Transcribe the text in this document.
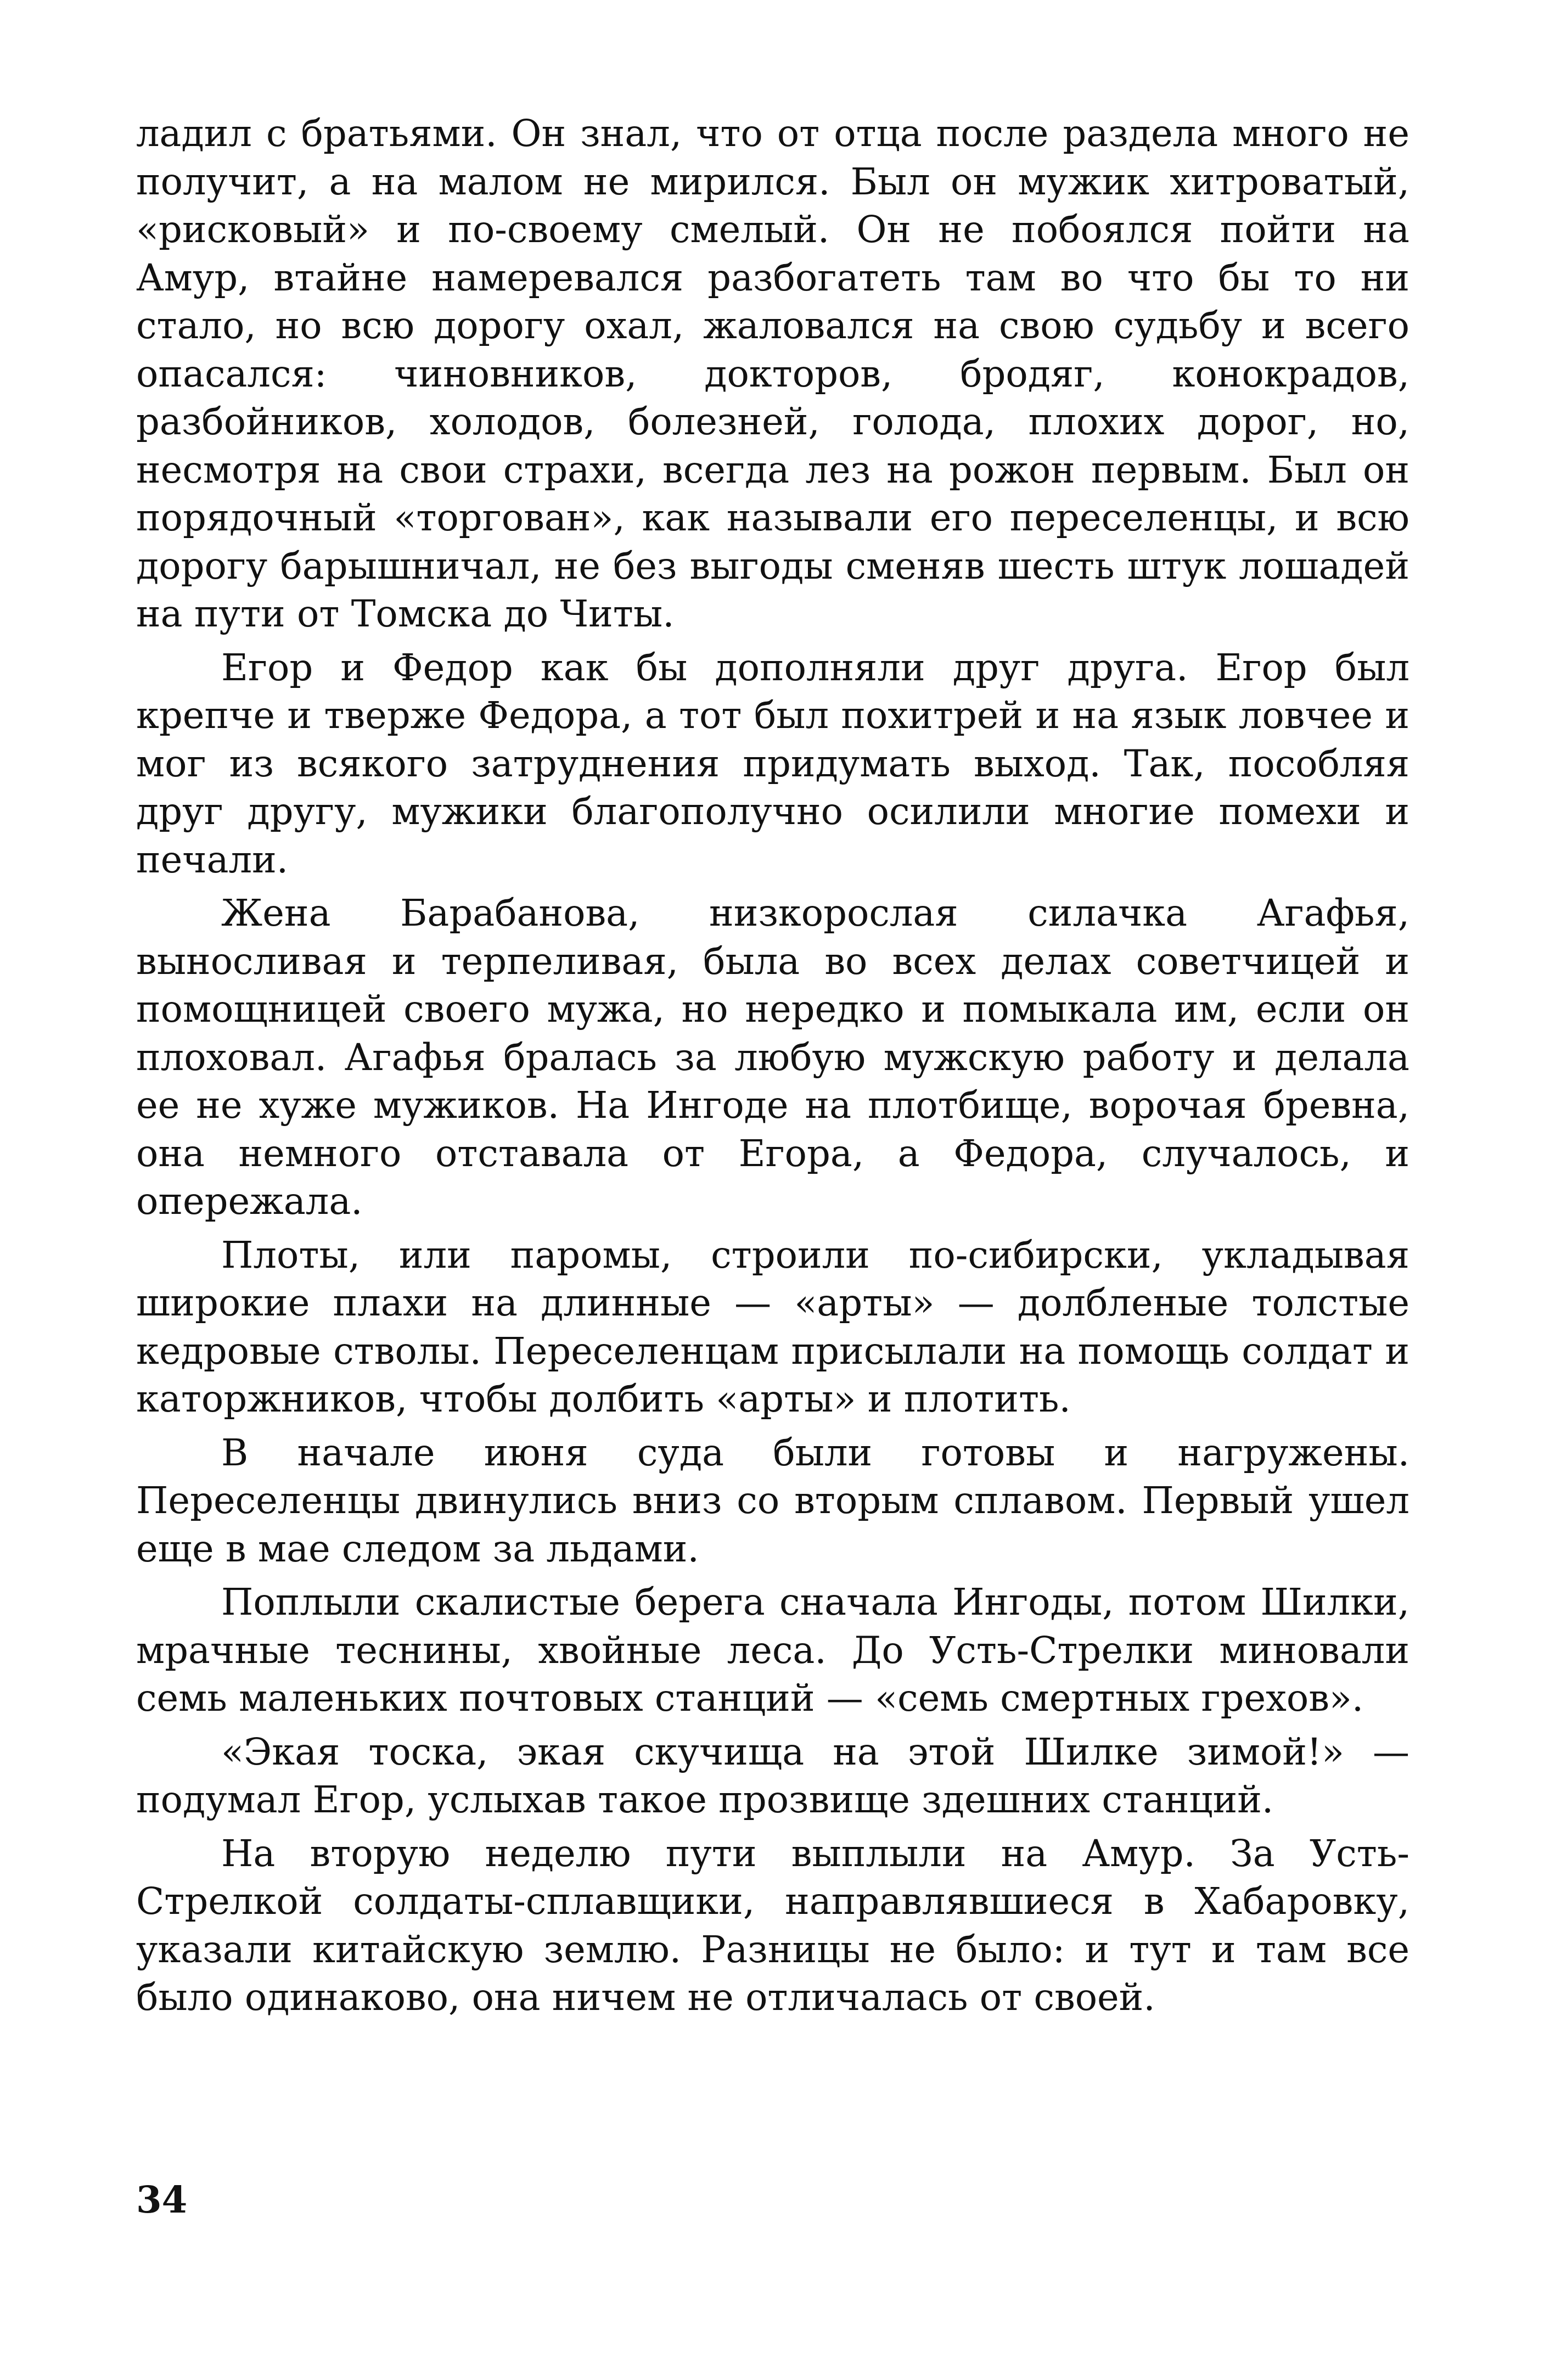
ладил с братьями. Он знал, что от отца после раздела много не получит, а на малом не мирился. Был он мужик хитроватый, «рисковый» и по-своему смелый. Он не побоялся пойти на Амур, втайне намеревался разбогатеть там во что бы то ни стало, но всю дорогу охал, жаловался на свою судьбу и всего опасался: чиновников, докторов, бродяг, конокрадов, разбойников, холодов, болезней, голода, плохих дорог, но, несмотря на свои страхи, всегда лез на рожон первым. Был он порядочный «торгован», как называли его переселенцы, и всю дорогу барышничал, не без выгоды сменяв шесть штук лошадей на пути от Томска до Читы.

Егор и Федор как бы дополняли друг друга. Егор был крепче и тверже Федора, а тот был похитрей и на язык ловчее и мог из всякого затруднения придумать выход. Так, пособляя друг другу, мужики благополучно осилили многие помехи и печали.

Жена Барабанова, низкорослая силачка Агафья, выносливая и терпеливая, была во всех делах советчицей и помощницей своего мужа, но нередко и помыкала им, если он плоховал. Агафья бралась за любую мужскую работу и делала ее не хуже мужиков. На Ингоде на плотбище, ворочая бревна, она немного отставала от Егора, а Федора, случалось, и опережала.

Плоты, или паромы, строили по-сибирски, укладывая широкие плахи на длинные — «арты» — долбленые толстые кедровые стволы. Переселенцам присылали на помощь солдат и каторжников, чтобы долбить «арты» и плотить.

В начале июня суда были готовы и нагружены. Переселенцы двинулись вниз со вторым сплавом. Первый ушел еще в мае следом за льдами.

Поплыли скалистые берега сначала Ингоды, потом Шилки, мрачные теснины, хвойные леса. До Усть-Стрелки миновали семь маленьких почтовых станций — «семь смертных грехов».

«Экая тоска, экая скучища на этой Шилке зимой!» — подумал Егор, услыхав такое прозвище здешних станций.

На вторую неделю пути выплыли на Амур. За Усть-Стрелкой солдаты-сплавщики, направлявшиеся в Хабаровку, указали китайскую землю. Разницы не было: и тут и там все было одинаково, она ничем не отличалась от своей.

34
